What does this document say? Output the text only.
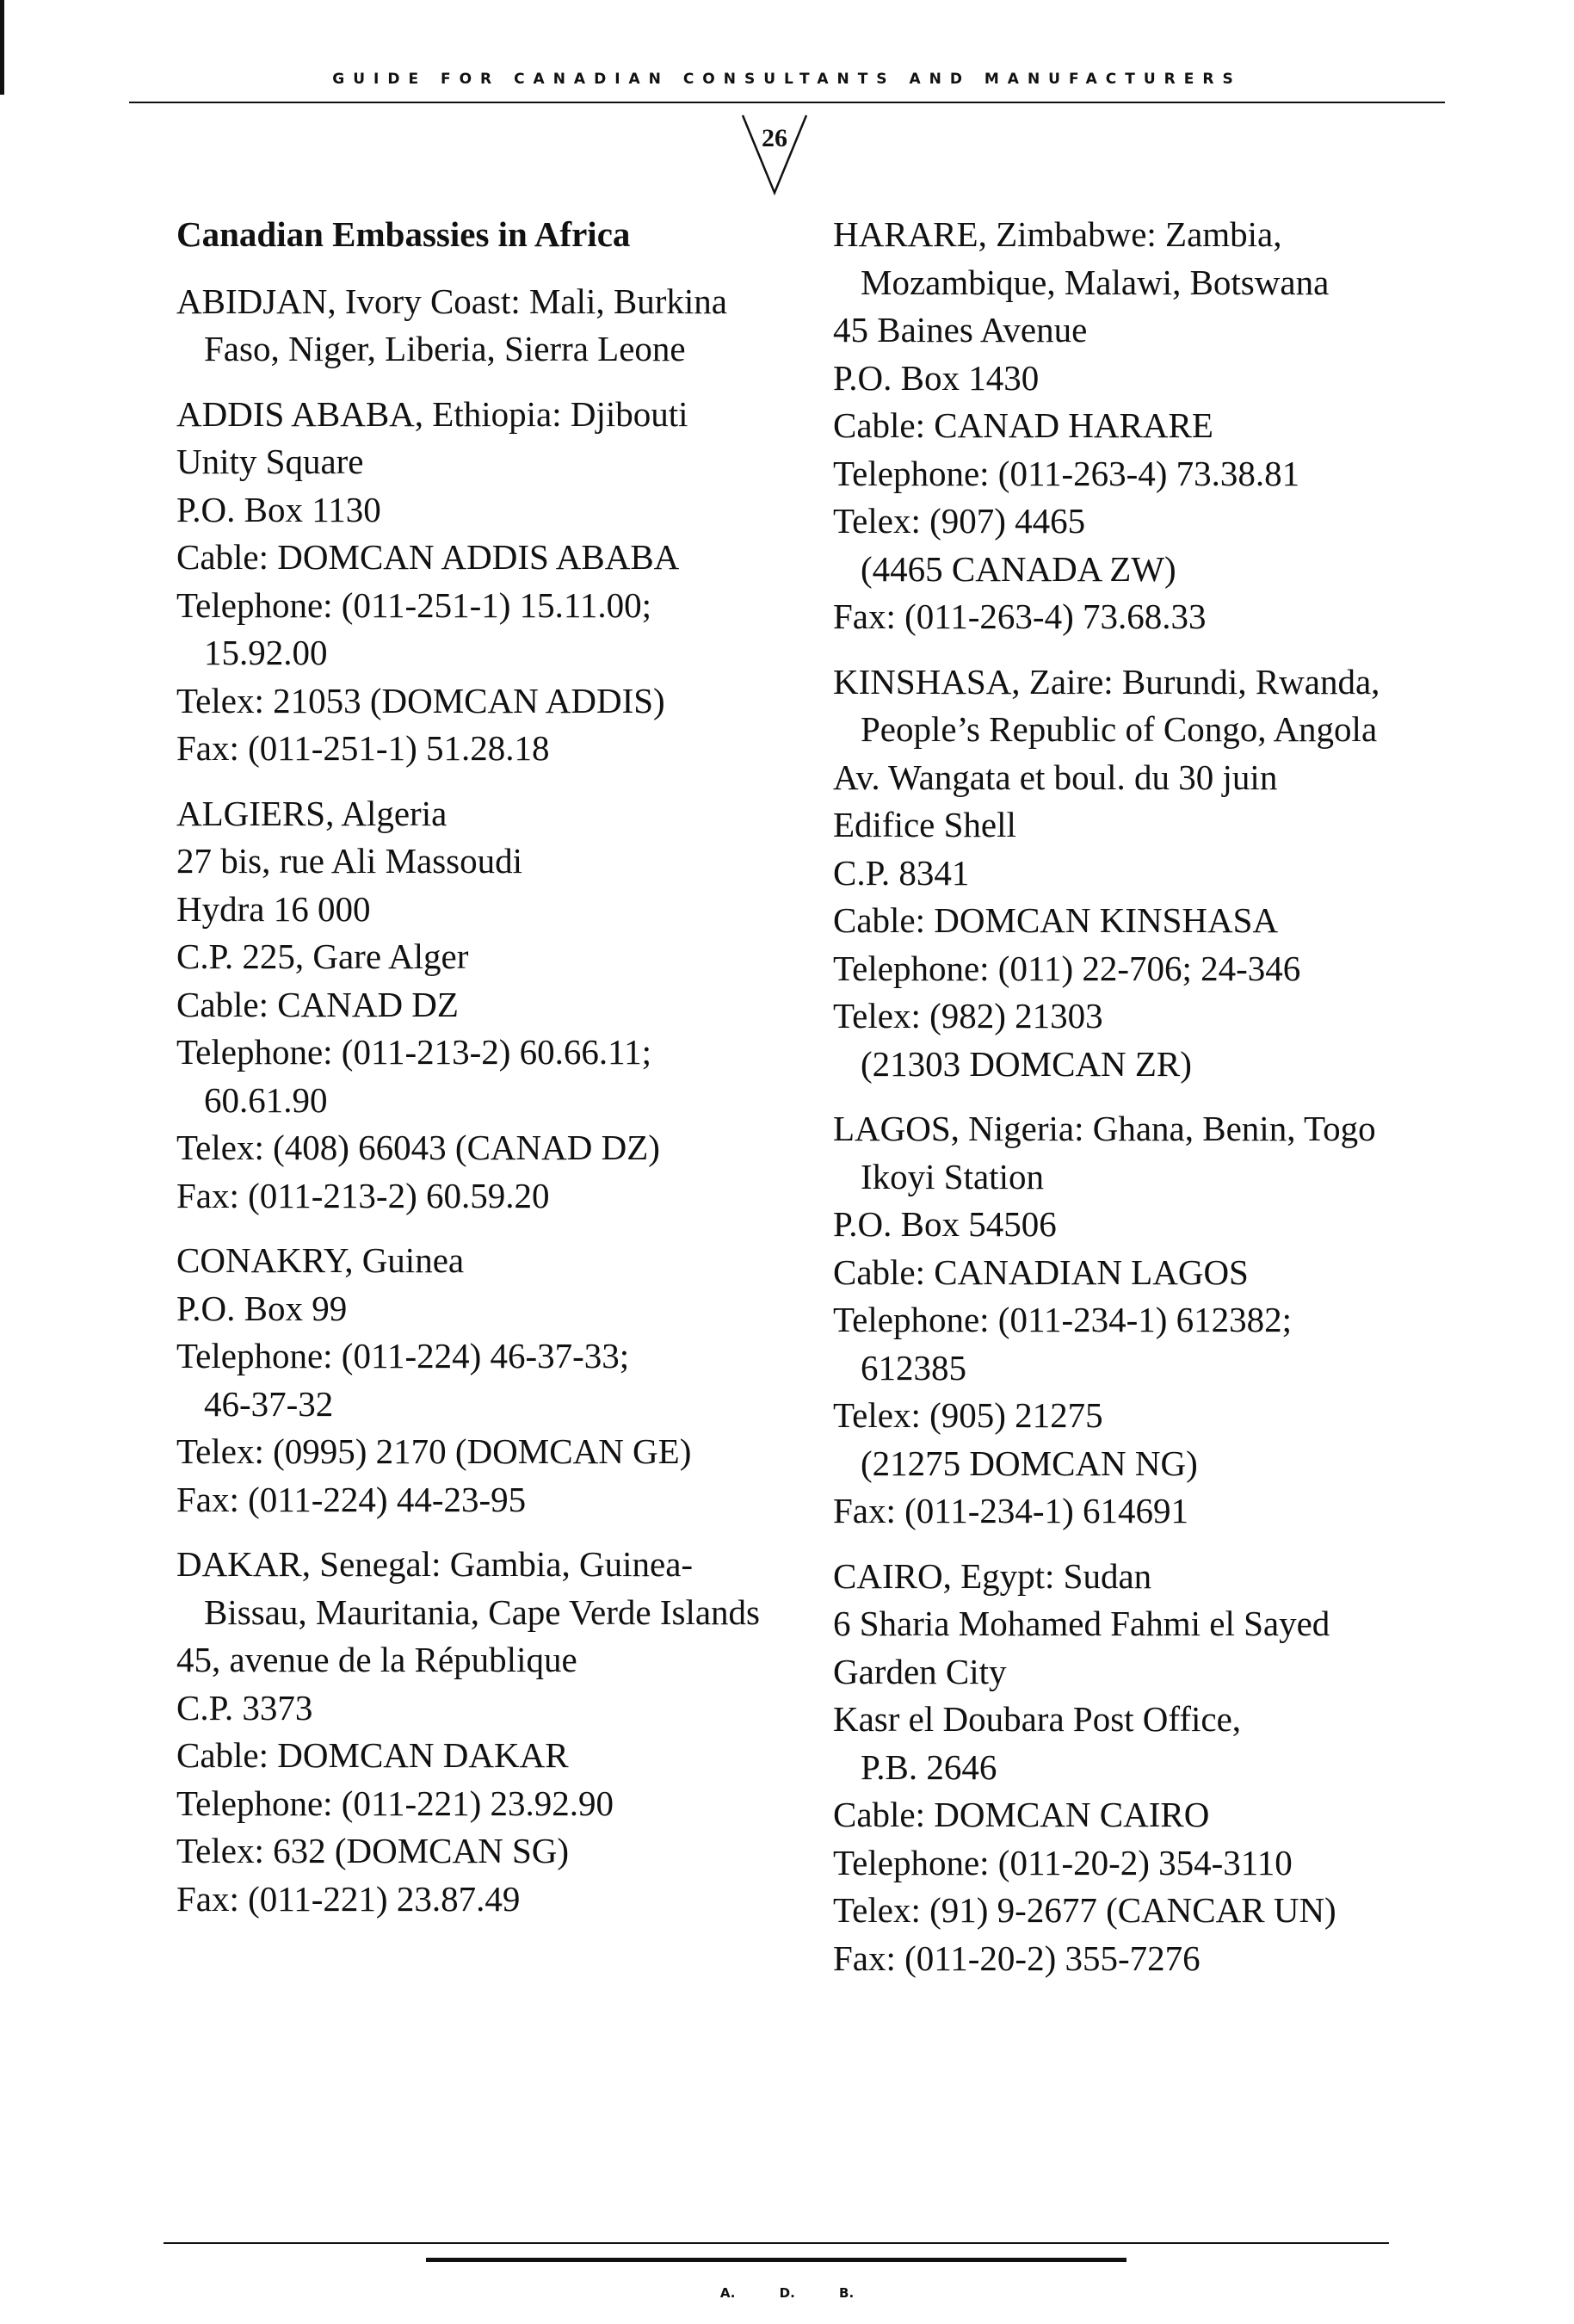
GUIDE FOR CANADIAN CONSULTANTS AND MANUFACTURERS
26
Canadian Embassies in Africa
ABIDJAN, Ivory Coast: Mali, Burkina
Faso, Niger, Liberia, Sierra Leone
ADDIS ABABA, Ethiopia: Djibouti
Unity Square
P.O. Box 1130
Cable: DOMCAN ADDIS ABABA
Telephone: (011-251-1) 15.11.00;
15.92.00
Telex: 21053 (DOMCAN ADDIS)
Fax: (011-251-1) 51.28.18
ALGIERS, Algeria
27 bis, rue Ali Massoudi
Hydra 16 000
C.P. 225, Gare Alger
Cable: CANAD DZ
Telephone: (011-213-2) 60.66.11;
60.61.90
Telex: (408) 66043 (CANAD DZ)
Fax: (011-213-2) 60.59.20
CONAKRY, Guinea
P.O. Box 99
Telephone: (011-224) 46-37-33;
46-37-32
Telex: (0995) 2170 (DOMCAN GE)
Fax: (011-224) 44-23-95
DAKAR, Senegal: Gambia, Guinea-
Bissau, Mauritania, Cape Verde Islands
45, avenue de la République
C.P. 3373
Cable: DOMCAN DAKAR
Telephone: (011-221) 23.92.90
Telex: 632 (DOMCAN SG)
Fax: (011-221) 23.87.49
HARARE, Zimbabwe: Zambia,
Mozambique, Malawi, Botswana
45 Baines Avenue
P.O. Box 1430
Cable: CANAD HARARE
Telephone: (011-263-4) 73.38.81
Telex: (907) 4465
(4465 CANADA ZW)
Fax: (011-263-4) 73.68.33
KINSHASA, Zaire: Burundi, Rwanda,
People’s Republic of Congo, Angola
Av. Wangata et boul. du 30 juin
Edifice Shell
C.P. 8341
Cable: DOMCAN KINSHASA
Telephone: (011) 22-706; 24-346
Telex: (982) 21303
(21303 DOMCAN ZR)
LAGOS, Nigeria: Ghana, Benin, Togo
Ikoyi Station
P.O. Box 54506
Cable: CANADIAN LAGOS
Telephone: (011-234-1) 612382;
612385
Telex: (905) 21275
(21275 DOMCAN NG)
Fax: (011-234-1) 614691
CAIRO, Egypt: Sudan
6 Sharia Mohamed Fahmi el Sayed
Garden City
Kasr el Doubara Post Office,
P.B. 2646
Cable: DOMCAN CAIRO
Telephone: (011-20-2) 354-3110
Telex: (91) 9-2677 (CANCAR UN)
Fax: (011-20-2) 355-7276
A. D. B.
